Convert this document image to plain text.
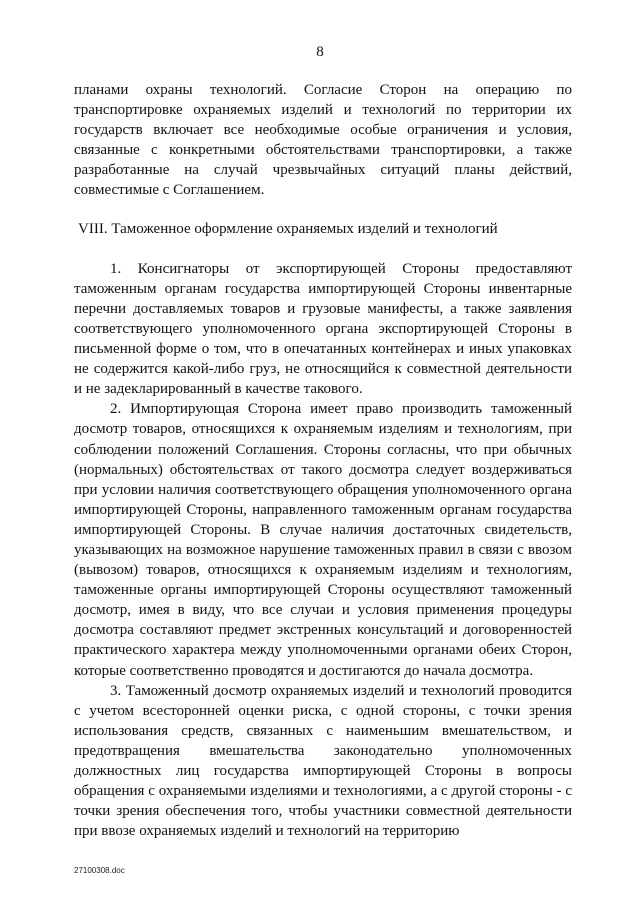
8

планами охраны технологий. Согласие Сторон на операцию по транспортировке охраняемых изделий и технологий по территории их государств включает все необходимые особые ограничения и условия, связанные с конкретными обстоятельствами транспортировки, а также разработанные на случай чрезвычайных ситуаций планы действий, совместимые с Соглашением.

VIII. Таможенное оформление охраняемых изделий и технологий

1. Консигнаторы от экспортирующей Стороны предоставляют таможенным органам государства импортирующей Стороны инвентарные перечни доставляемых товаров и грузовые манифесты, а также заявления соответствующего уполномоченного органа экспортирующей Стороны в письменной форме о том, что в опечатанных контейнерах и иных упаковках не содержится какой-либо груз, не относящийся к совместной деятельности и не задекларированный в качестве такового.

2. Импортирующая Сторона имеет право производить таможенный досмотр товаров, относящихся к охраняемым изделиям и технологиям, при соблюдении положений Соглашения. Стороны согласны, что при обычных (нормальных) обстоятельствах от такого досмотра следует воздерживаться при условии наличия соответствующего обращения уполномоченного органа импортирующей Стороны, направленного таможенным органам государства импортирующей Стороны. В случае наличия достаточных свидетельств, указывающих на возможное нарушение таможенных правил в связи с ввозом (вывозом) товаров, относящихся к охраняемым изделиям и технологиям, таможенные органы импортирующей Стороны осуществляют таможенный досмотр, имея в виду, что все случаи и условия применения процедуры досмотра составляют предмет экстренных консультаций и договоренностей практического характера между уполномоченными органами обеих Сторон, которые соответственно проводятся и достигаются до начала досмотра.

3. Таможенный досмотр охраняемых изделий и технологий проводится с учетом всесторонней оценки риска, с одной стороны, с точки зрения использования средств, связанных с наименьшим вмешательством, и предотвращения вмешательства законодательно уполномоченных должностных лиц государства импортирующей Стороны в вопросы обращения с охраняемыми изделиями и технологиями, а с другой стороны - с точки зрения обеспечения того, чтобы участники совместной деятельности при ввозе охраняемых изделий и технологий на территорию

27100308.doc
